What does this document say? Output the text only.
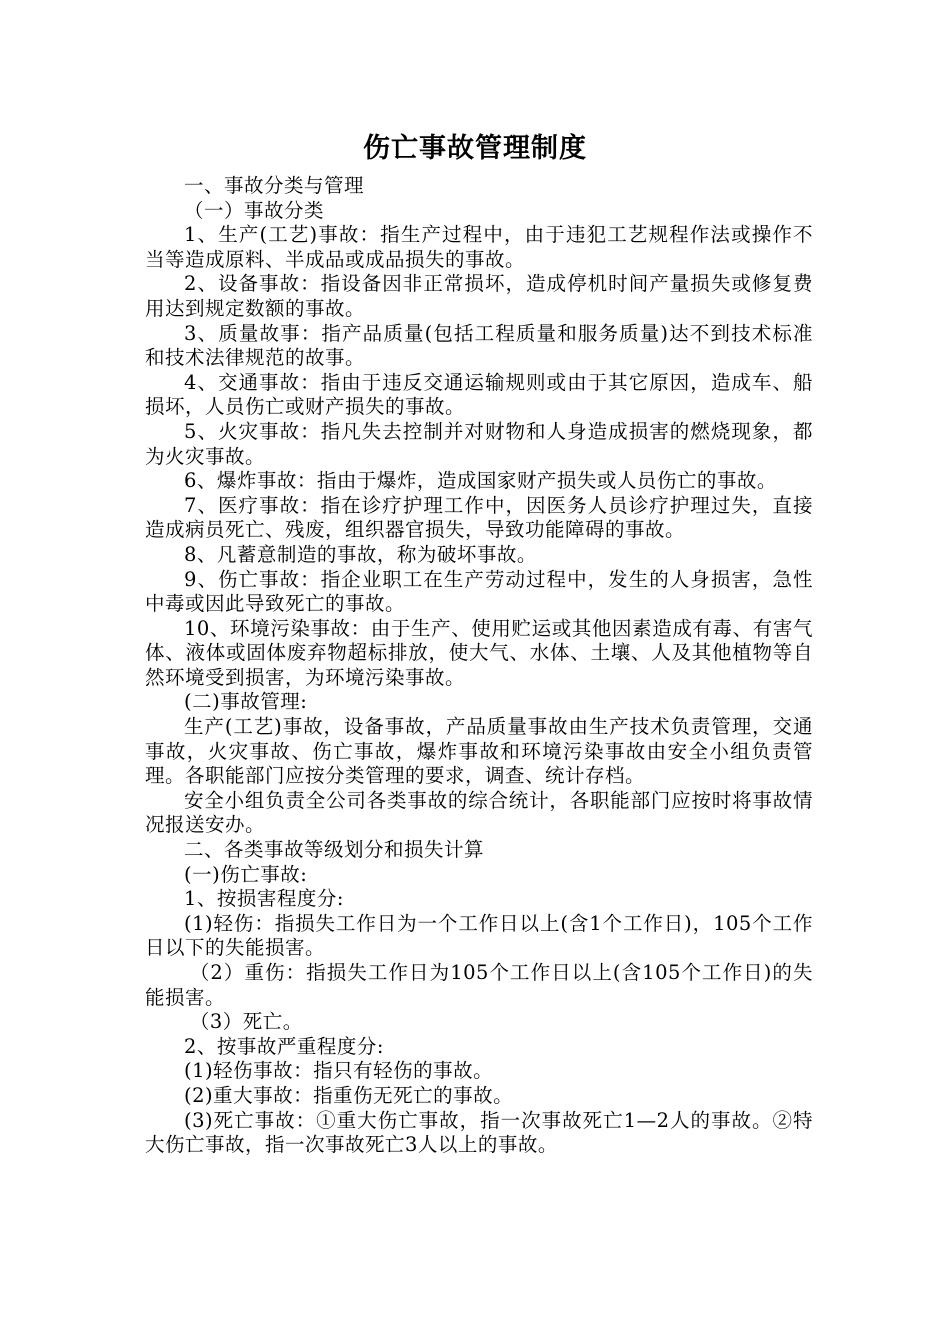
伤亡事故管理制度

一、事故分类与管理

（一）事故分类

1、生产(工艺)事故：指生产过程中，由于违犯工艺规程作法或操作不当等造成原料、半成品或成品损失的事故。

2、设备事故：指设备因非正常损坏，造成停机时间产量损失或修复费用达到规定数额的事故。

3、质量故事：指产品质量(包括工程质量和服务质量)达不到技术标准和技术法律规范的故事。

4、交通事故：指由于违反交通运输规则或由于其它原因，造成车、船损坏，人员伤亡或财产损失的事故。

5、火灾事故：指凡失去控制并对财物和人身造成损害的燃烧现象，都为火灾事故。

6、爆炸事故：指由于爆炸，造成国家财产损失或人员伤亡的事故。

7、医疗事故：指在诊疗护理工作中，因医务人员诊疗护理过失，直接造成病员死亡、残废，组织器官损失，导致功能障碍的事故。

8、凡蓄意制造的事故，称为破坏事故。

9、伤亡事故：指企业职工在生产劳动过程中，发生的人身损害，急性中毒或因此导致死亡的事故。

10、环境污染事故：由于生产、使用贮运或其他因素造成有毒、有害气体、液体或固体废弃物超标排放，使大气、水体、土壤、人及其他植物等自然环境受到损害，为环境污染事故。

(二)事故管理:

生产(工艺)事故，设备事故，产品质量事故由生产技术负责管理，交通事故，火灾事故、伤亡事故，爆炸事故和环境污染事故由安全小组负责管理。各职能部门应按分类管理的要求，调查、统计存档。

安全小组负责全公司各类事故的综合统计，各职能部门应按时将事故情况报送安办。

二、各类事故等级划分和损失计算

(一)伤亡事故:

1、按损害程度分:

(1)轻伤：指损失工作日为一个工作日以上(含1个工作日)，105个工作日以下的失能损害。

（2）重伤：指损失工作日为105个工作日以上(含105个工作日)的失能损害。

（3）死亡。

2、按事故严重程度分:

(1)轻伤事故：指只有轻伤的事故。

(2)重大事故：指重伤无死亡的事故。

(3)死亡事故：①重大伤亡事故，指一次事故死亡1—2人的事故。②特大伤亡事故，指一次事故死亡3人以上的事故。
